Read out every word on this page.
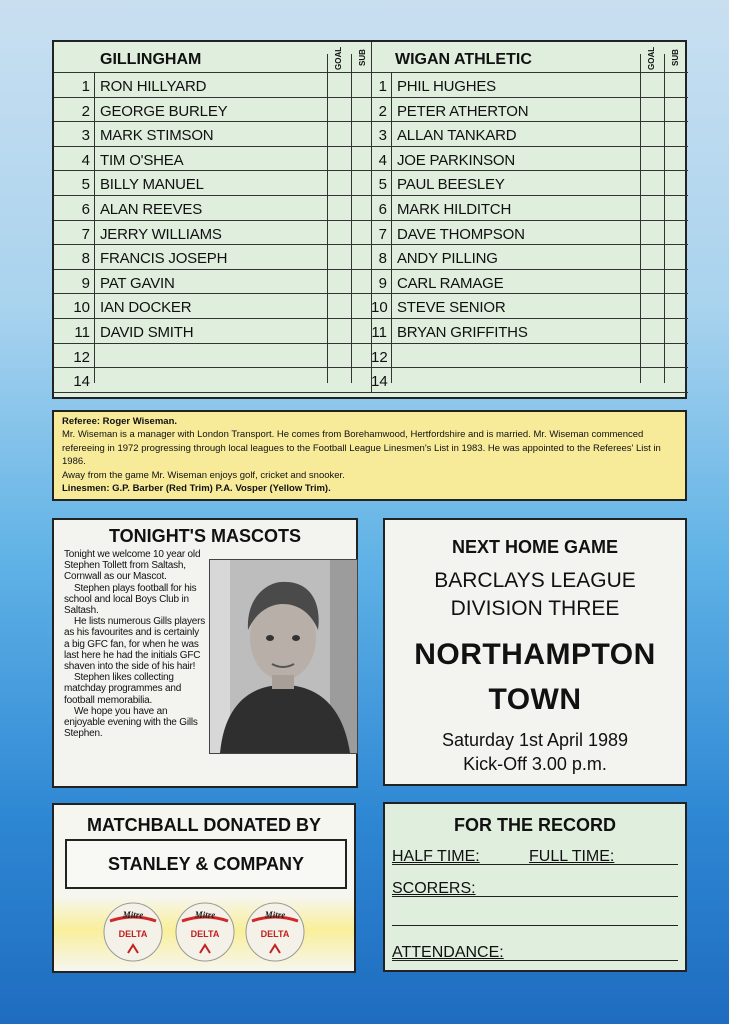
GILLINGHAM	GOAL	SUB
1 RON HILLYARD
2 GEORGE BURLEY
3 MARK STIMSON
4 TIM O'SHEA
5 BILLY MANUEL
6 ALAN REEVES
7 JERRY WILLIAMS
8 FRANCIS JOSEPH
9 PAT GAVIN
10 IAN DOCKER
11 DAVID SMITH
12
14
WIGAN ATHLETIC	GOAL	SUB
1 PHIL HUGHES
2 PETER ATHERTON
3 ALLAN TANKARD
4 JOE PARKINSON
5 PAUL BEESLEY
6 MARK HILDITCH
7 DAVE THOMPSON
8 ANDY PILLING
9 CARL RAMAGE
10 STEVE SENIOR
11 BRYAN GRIFFITHS
12
14

Referee: Roger Wiseman.

Mr. Wiseman is a manager with London Transport. He comes from Borehamwood, Hertfordshire and is married. Mr. Wiseman commenced refereeing in 1972 progressing through local leagues to the Football League Linesmen's List in 1983. He was appointed to the Referees' List in 1986.

Away from the game Mr. Wiseman enjoys golf, cricket and snooker.

Linesmen: G.P. Barber (Red Trim) P.A. Vosper (Yellow Trim).

TONIGHT'S MASCOTS

Tonight we welcome 10 year old Stephen Tollett from Saltash, Cornwall as our Mascot.

Stephen plays football for his school and local Boys Club in Saltash.

He lists numerous Gills players as his favourites and is certainly a big GFC fan, for when he was last here he had the initials GFC shaven into the side of his hair!

Stephen likes collecting matchday programmes and football memorabilia.

We hope you have an enjoyable evening with the Gills Stephen.

NEXT HOME GAME
BARCLAYS LEAGUE
DIVISION THREE
NORTHAMPTON
TOWN
Saturday 1st April 1989
Kick-Off 3.00 p.m.
MATCHBALL DONATED BY
STANLEY & COMPANY
Mitre
DELTA
Mitre
DELTA
Mitre
DELTA
FOR THE RECORD
HALF TIME:	FULL TIME:
SCORERS:
ATTENDANCE:
